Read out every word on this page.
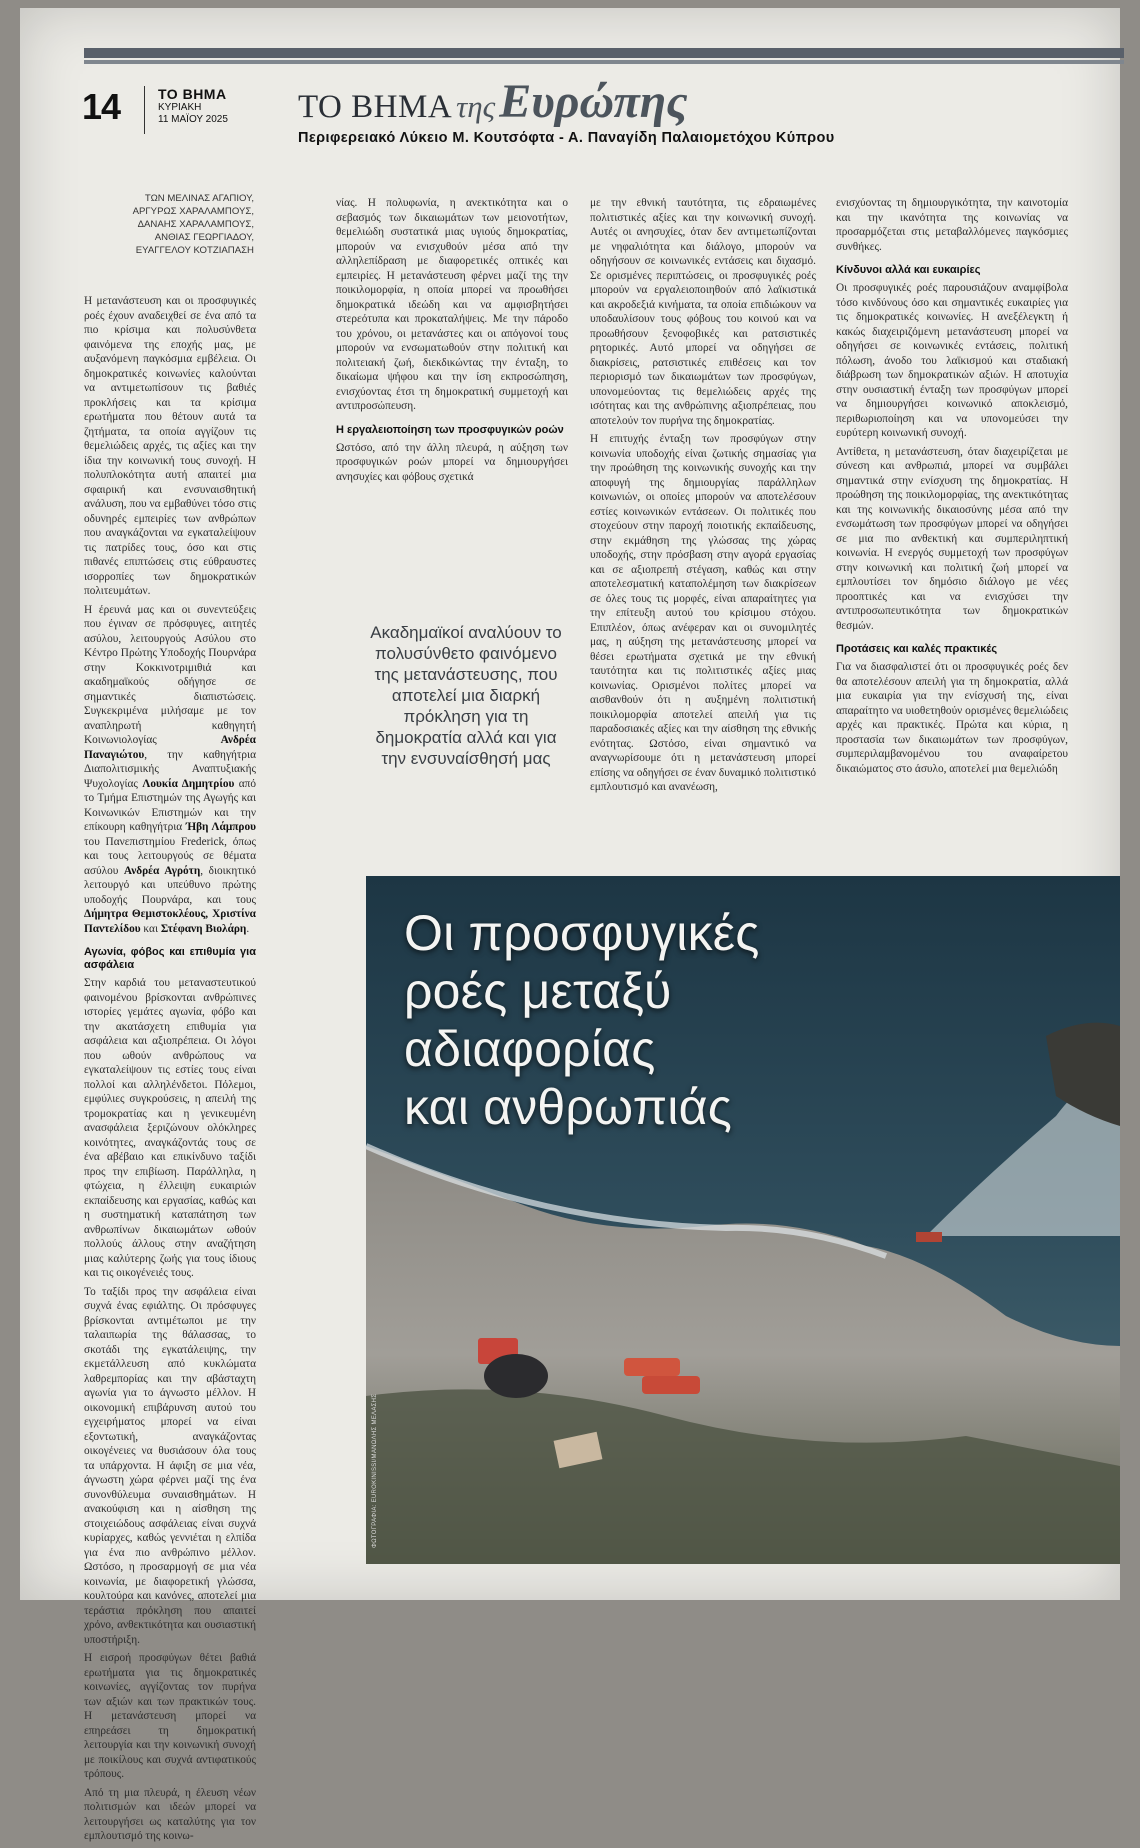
14	ΤΟ ΒΗΜΑ
ΚΥΡΙΑΚΗ
11 ΜΑΪΟΥ 2025 ΤΟ ΒΗΜΑ της Ευρώπης
Περιφερειακό Λύκειο Μ. Κουτσόφτα - Α. Παναγίδη Παλαιομετόχου Κύπρου
ΤΩΝ ΜΕΛΙΝΑΣ ΑΓΑΠΙΟΥ,
ΑΡΓΥΡΩΣ ΧΑΡΑΛΑΜΠΟΥΣ,
ΔΑΝΑΗΣ ΧΑΡΑΛΑΜΠΟΥΣ,
ΑΝΘΙΑΣ ΓΕΩΡΓΙΑΔΟΥ,
ΕΥΑΓΓΕΛΟΥ ΚΟΤΖΙΑΠΑΣΗ

Η μετανάστευση και οι προσφυγικές ροές έχουν αναδειχθεί σε ένα από τα πιο κρίσιμα και πολυσύνθετα φαινόμενα της εποχής μας, με αυξανόμενη παγκόσμια εμβέλεια. Οι δημοκρατικές κοινωνίες καλούνται να αντιμετωπίσουν τις βαθιές προκλήσεις και τα κρίσιμα ερωτήματα που θέτουν αυτά τα ζητήματα, τα οποία αγγίζουν τις θεμελιώδεις αρχές, τις αξίες και την ίδια την κοινωνική τους συνοχή. Η πολυπλοκότητα αυτή απαιτεί μια σφαιρική και ενσυναισθητική ανάλυση, που να εμβαθύνει τόσο στις οδυνηρές εμπειρίες των ανθρώπων που αναγκάζονται να εγκαταλείψουν τις πατρίδες τους, όσο και στις πιθανές επιπτώσεις στις εύθραυστες ισορροπίες των δημοκρατικών πολιτευμάτων.

Η έρευνά μας και οι συνεντεύξεις που έγιναν σε πρόσφυγες, αιτητές ασύλου, λειτουργούς Ασύλου στο Κέντρο Πρώτης Υποδοχής Πουρνάρα στην Κοκκινοτριμιθιά και ακαδημαϊκούς οδήγησε σε σημαντικές διαπιστώσεις. Συγκεκριμένα μιλήσαμε με τον αναπληρωτή καθηγητή Κοινωνιολογίας	Ανδρέα Παναγιώτου, την καθηγήτρια Διαπολιτισμικής Αναπτυξιακής Ψυχολογίας Λουκία Δημητρίου από το Τμήμα Επιστημών της Αγωγής και Κοινωνικών Επιστημών και την επίκουρη καθηγήτρια Ήβη Λάμπρου του Πανεπιστημίου Frederick, όπως και τους λειτουργούς σε θέματα ασύλου Ανδρέα Αγρότη, διοικητικό λειτουργό και υπεύθυνο πρώτης υποδοχής Πουρνάρα, και τους Δήμητρα Θεμιστοκλέους, Χριστίνα Παντελίδου και Στέφανη Βιολάρη.

Αγωνία, φόβος και επιθυμία για ασφάλεια

Στην καρδιά του μεταναστευτικού φαινομένου βρίσκονται ανθρώπινες ιστορίες γεμάτες αγωνία, φόβο και την ακατάσχετη επιθυμία για ασφάλεια και αξιοπρέπεια. Οι λόγοι που ωθούν ανθρώπους να εγκαταλείψουν τις εστίες τους είναι πολλοί και αλληλένδετοι. Πόλεμοι, εμφύλιες συγκρούσεις, η απειλή της τρομοκρατίας και η γενικευμένη ανασφάλεια ξεριζώνουν ολόκληρες κοινότητες, αναγκάζοντάς τους σε ένα αβέβαιο και επικίνδυνο ταξίδι προς την επιβίωση. Παράλληλα, η φτώχεια, η έλλειψη ευκαιριών εκπαίδευσης και εργασίας, καθώς και η συστηματική καταπάτηση των ανθρωπίνων δικαιωμάτων ωθούν πολλούς άλλους στην αναζήτηση μιας καλύτερης ζωής για τους ίδιους και τις οικογένειές τους.

Το ταξίδι προς την ασφάλεια είναι συχνά ένας εφιάλτης. Οι πρόσφυγες βρίσκονται αντιμέτωποι με την ταλαιπωρία της θάλασσας, το σκοτάδι της εγκατάλειψης, την εκμετάλλευση από κυκλώματα λαθρεμπορίας και την αβάσταχτη αγωνία για το άγνωστο μέλλον. Η οικονομική επιβάρυνση αυτού του εγχειρήματος μπορεί να είναι εξοντωτική, αναγκάζοντας οικογένειες να θυσιάσουν όλα τους τα υπάρχοντα. Η άφιξη σε μια νέα, άγνωστη χώρα φέρνει μαζί της ένα συνονθύλευμα συναισθημάτων. Η ανακούφιση και η αίσθηση της στοιχειώδους ασφάλειας είναι συχνά κυρίαρχες, καθώς γεννιέται η ελπίδα για ένα πιο ανθρώπινο μέλλον. Ωστόσο, η προσαρμογή σε μια νέα κοινωνία, με διαφορετική γλώσσα, κουλτούρα και κανόνες, αποτελεί μια τεράστια πρόκληση που απαιτεί χρόνο, ανθεκτικότητα και ουσιαστική υποστήριξη.

Η εισροή προσφύγων θέτει βαθιά ερωτήματα για τις δημοκρατικές κοινωνίες, αγγίζοντας τον πυρήνα των αξιών και των πρακτικών τους. Η μετανάστευση μπορεί να επηρεάσει τη δημοκρατική λειτουργία και την κοινωνική συνοχή με ποικίλους και συχνά αντιφατικούς τρόπους.

Από τη μια πλευρά, η έλευση νέων πολιτισμών και ιδεών μπορεί να λειτουργήσει ως καταλύτης για τον εμπλουτισμό της κοινω-

νίας. Η πολυφωνία, η ανεκτικότητα και ο σεβασμός των δικαιωμάτων των μειονοτήτων, θεμελιώδη συστατικά μιας υγιούς δημοκρατίας, μπορούν να ενισχυθούν μέσα από την αλληλεπίδραση με διαφορετικές οπτικές και εμπειρίες. Η μετανάστευση φέρνει μαζί της την ποικιλομορφία, η οποία μπορεί να προωθήσει δημοκρατικά ιδεώδη και να αμφισβητήσει στερεότυπα και προκαταλήψεις. Με την πάροδο του χρόνου, οι μετανάστες και οι απόγονοί τους μπορούν να ενσωματωθούν στην πολιτική και πολιτειακή ζωή, διεκδικώντας την ένταξη, το δικαίωμα ψήφου και την ίση εκπροσώπηση, ενισχύοντας έτσι τη δημοκρατική συμμετοχή και αντιπροσώπευση.

Η εργαλειοποίηση των προσφυγικών ροών

Ωστόσο, από την άλλη πλευρά, η αύξηση των προσφυγικών ροών μπορεί να δημιουργήσει ανησυχίες και φόβους σχετικά

Ακαδημαϊκοί αναλύουν το πολυσύνθετο φαινόμενο της μετανάστευσης, που αποτελεί μια διαρκή πρόκληση για τη δημοκρατία αλλά και για την ενσυναίσθησή μας

με την εθνική ταυτότητα, τις εδραιωμένες πολιτιστικές αξίες και την κοινωνική συνοχή. Αυτές οι ανησυχίες, όταν δεν αντιμετωπίζονται με νηφαλιότητα και διάλογο, μπορούν να οδηγήσουν σε κοινωνικές εντάσεις και διχασμό. Σε ορισμένες περιπτώσεις, οι προσφυγικές ροές μπορούν να εργαλειοποιηθούν από λαϊκιστικά και ακροδεξιά κινήματα, τα οποία επιδιώκουν να υποδαυλίσουν τους φόβους του κοινού και να προωθήσουν ξενοφοβικές και ρατσιστικές ρητορικές. Αυτό μπορεί να οδηγήσει σε διακρίσεις, ρατσιστικές επιθέσεις και τον περιορισμό των δικαιωμάτων των προσφύγων, υπονομεύοντας τις θεμελιώδεις αρχές της ισότητας και της ανθρώπινης αξιοπρέπειας, που αποτελούν τον πυρήνα της δημοκρατίας.

Η επιτυχής ένταξη των προσφύγων στην κοινωνία υποδοχής είναι ζωτικής σημασίας για την προώθηση της κοινωνικής συνοχής και την αποφυγή της δημιουργίας παράλληλων κοινωνιών, οι οποίες μπορούν να αποτελέσουν εστίες κοινωνικών εντάσεων. Οι πολιτικές που στοχεύουν στην παροχή ποιοτικής εκπαίδευσης, στην εκμάθηση της γλώσσας της χώρας υποδοχής, στην πρόσβαση στην αγορά εργασίας και σε αξιοπρεπή στέγαση, καθώς και στην αποτελεσματική καταπολέμηση των διακρίσεων σε όλες τους τις μορφές, είναι απαραίτητες για την επίτευξη αυτού του κρίσιμου στόχου. Επιπλέον, όπως ανέφεραν και οι συνομιλητές μας, η αύξηση της μετανάστευσης μπορεί να θέσει ερωτήματα σχετικά με την εθνική ταυτότητα και τις πολιτιστικές αξίες μιας κοινωνίας. Ορισμένοι πολίτες μπορεί να αισθανθούν ότι η αυξημένη πολιτιστική ποικιλομορφία αποτελεί απειλή για τις παραδοσιακές αξίες και την αίσθηση της εθνικής ενότητας. Ωστόσο, είναι σημαντικό να αναγνωρίσουμε ότι η μετανάστευση μπορεί επίσης να οδηγήσει σε έναν δυναμικό πολιτιστικό εμπλουτισμό και ανανέωση,

ενισχύοντας τη δημιουργικότητα, την καινοτομία και την ικανότητα της κοινωνίας να προσαρμόζεται στις μεταβαλλόμενες παγκόσμιες συνθήκες.

Κίνδυνοι αλλά και ευκαιρίες

Οι προσφυγικές ροές παρουσιάζουν αναμφίβολα τόσο κινδύνους όσο και σημαντικές ευκαιρίες για τις δημοκρατικές κοινωνίες. Η ανεξέλεγκτη ή κακώς διαχειριζόμενη μετανάστευση μπορεί να οδηγήσει σε κοινωνικές εντάσεις, πολιτική πόλωση, άνοδο του λαϊκισμού και σταδιακή διάβρωση των δημοκρατικών αξιών. Η αποτυχία στην ουσιαστική ένταξη των προσφύγων μπορεί να δημιουργήσει κοινωνικό αποκλεισμό, περιθωριοποίηση και να υπονομεύσει την ευρύτερη κοινωνική συνοχή.

Αντίθετα, η μετανάστευση, όταν διαχειρίζεται με σύνεση και ανθρωπιά, μπορεί να συμβάλει σημαντικά στην ενίσχυση της δημοκρατίας. Η προώθηση της ποικιλομορφίας, της ανεκτικότητας και της κοινωνικής δικαιοσύνης μέσα από την ενσωμάτωση των προσφύγων μπορεί να οδηγήσει σε μια πιο ανθεκτική και συμπεριληπτική κοινωνία. Η ενεργός συμμετοχή των προσφύγων στην κοινωνική και πολιτική ζωή μπορεί να εμπλουτίσει τον δημόσιο διάλογο με νέες προοπτικές και να ενισχύσει την αντιπροσωπευτικότητα των δημοκρατικών θεσμών.

Προτάσεις και καλές πρακτικές

Για να διασφαλιστεί ότι οι προσφυγικές ροές δεν θα αποτελέσουν απειλή για τη δημοκρατία, αλλά μια ευκαιρία για την ενίσχυσή της, είναι απαραίτητο να υιοθετηθούν ορισμένες θεμελιώδεις αρχές και πρακτικές. Πρώτα και κύρια, η προστασία των δικαιωμάτων των προσφύγων, συμπεριλαμβανομένου του αναφαίρετου δικαιώματος στο άσυλο, αποτελεί μια θεμελιώδη

Οι προσφυγικές
ροές μεταξύ
αδιαφορίας
και ανθρωπιάς
ΦΩΤΟΓΡΑΦΙΑ: EUROKINISSI/ΜΑΝΩΛΗΣ ΜΕΛΑΣΗΣ
